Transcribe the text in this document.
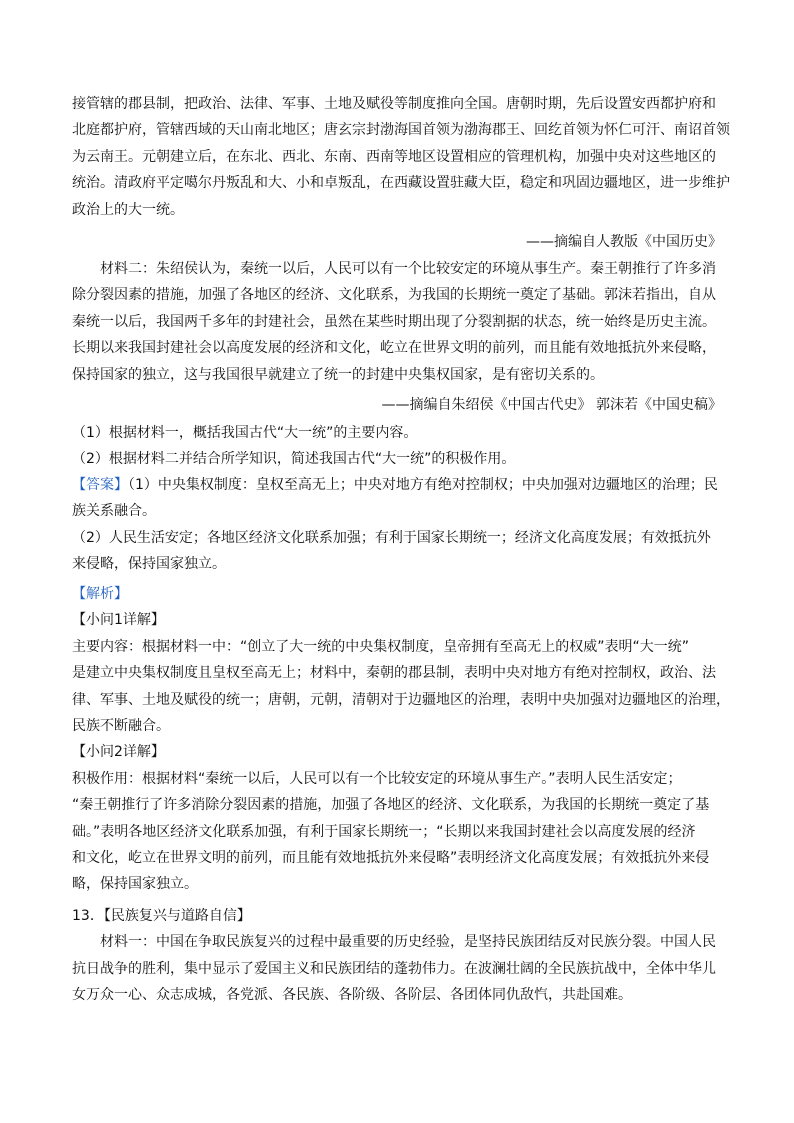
接管辖的郡县制，把政治、法律、军事、土地及赋役等制度推向全国。唐朝时期，先后设置安西都护府和
北庭都护府，管辖西域的天山南北地区；唐玄宗封渤海国首领为渤海郡王、回纥首领为怀仁可汗、南诏首领
为云南王。元朝建立后，在东北、西北、东南、西南等地区设置相应的管理机构，加强中央对这些地区的
统治。清政府平定噶尔丹叛乱和大、小和卓叛乱，在西藏设置驻藏大臣，稳定和巩固边疆地区，进一步维护
政治上的大一统。
——摘编自人教版《中国历史》
　　材料二：朱绍侯认为，秦统一以后，人民可以有一个比较安定的环境从事生产。秦王朝推行了许多消
除分裂因素的措施，加强了各地区的经济、文化联系，为我国的长期统一奠定了基础。郭沫若指出，自从
秦统一以后，我国两千多年的封建社会，虽然在某些时期出现了分裂割据的状态，统一始终是历史主流。
长期以来我国封建社会以高度发展的经济和文化，屹立在世界文明的前列，而且能有效地抵抗外来侵略，
保持国家的独立，这与我国很早就建立了统一的封建中央集权国家，是有密切关系的。
——摘编自朱绍侯《中国古代史》 郭沫若《中国史稿》
（1）根据材料一，概括我国古代“大一统”的主要内容。
（2）根据材料二并结合所学知识，简述我国古代“大一统”的积极作用。
【答案】（1）中央集权制度：皇权至高无上；中央对地方有绝对控制权；中央加强对边疆地区的治理；民
族关系融合。
（2）人民生活安定；各地区经济文化联系加强；有利于国家长期统一；经济文化高度发展；有效抵抗外
来侵略，保持国家独立。
【解析】
【小问1详解】
主要内容：根据材料一中：“创立了大一统的中央集权制度，皇帝拥有至高无上的权威”表明“大一统”
是建立中央集权制度且皇权至高无上；材料中，秦朝的郡县制，表明中央对地方有绝对控制权，政治、法
律、军事、土地及赋役的统一；唐朝，元朝，清朝对于边疆地区的治理，表明中央加强对边疆地区的治理，
民族不断融合。
【小问2详解】
积极作用：根据材料“秦统一以后，人民可以有一个比较安定的环境从事生产。”表明人民生活安定；
“秦王朝推行了许多消除分裂因素的措施，加强了各地区的经济、文化联系，为我国的长期统一奠定了基
础。”表明各地区经济文化联系加强，有利于国家长期统一；“长期以来我国封建社会以高度发展的经济
和文化，屹立在世界文明的前列，而且能有效地抵抗外来侵略”表明经济文化高度发展；有效抵抗外来侵
略，保持国家独立。
13．【民族复兴与道路自信】
　　材料一：中国在争取民族复兴的过程中最重要的历史经验，是坚持民族团结反对民族分裂。中国人民
抗日战争的胜利，集中显示了爱国主义和民族团结的蓬勃伟力。在波澜壮阔的全民族抗战中，全体中华儿
女万众一心、众志成城，各党派、各民族、各阶级、各阶层、各团体同仇敌忾，共赴国难。
